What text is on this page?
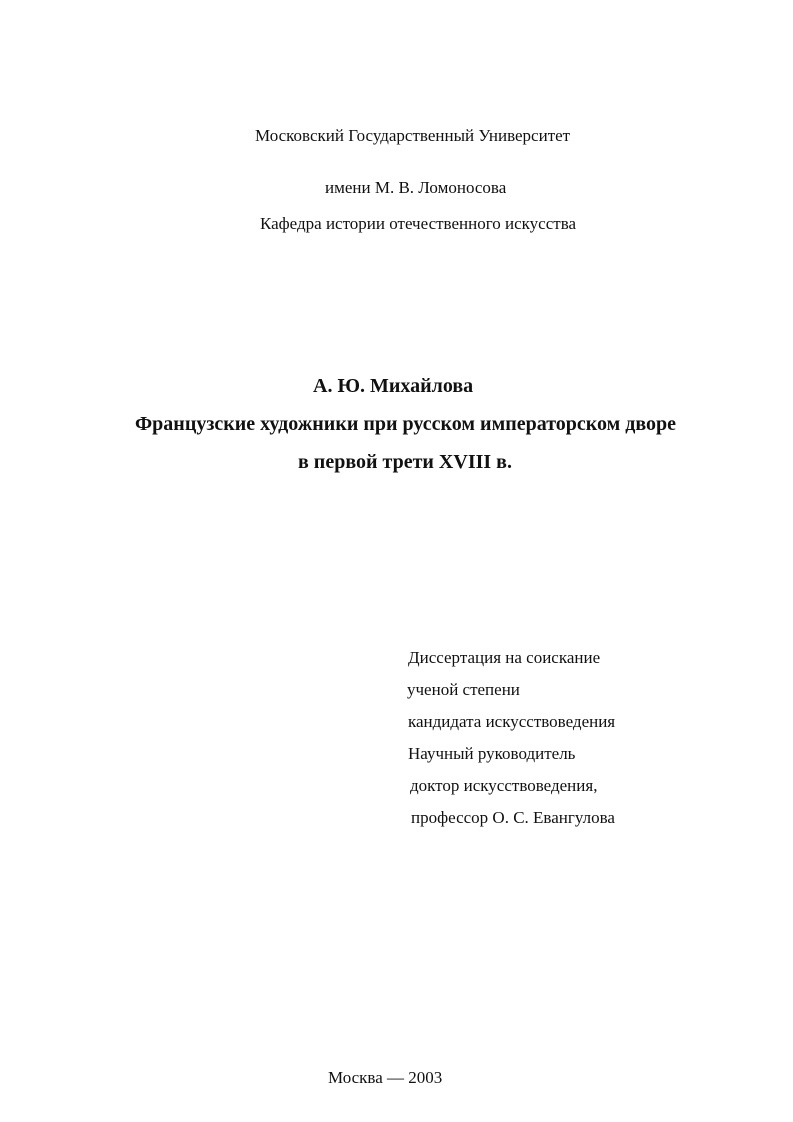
Московский Государственный Университет
имени М. В. Ломоносова
Кафедра истории отечественного искусства
А. Ю. Михайлова
Французские художники при русском императорском дворе
в первой трети XVIII в.
Диссертация на соискание
ученой степени
кандидата искусствоведения
Научный руководитель
доктор искусствоведения,
профессор О. С. Евангулова
Москва — 2003
